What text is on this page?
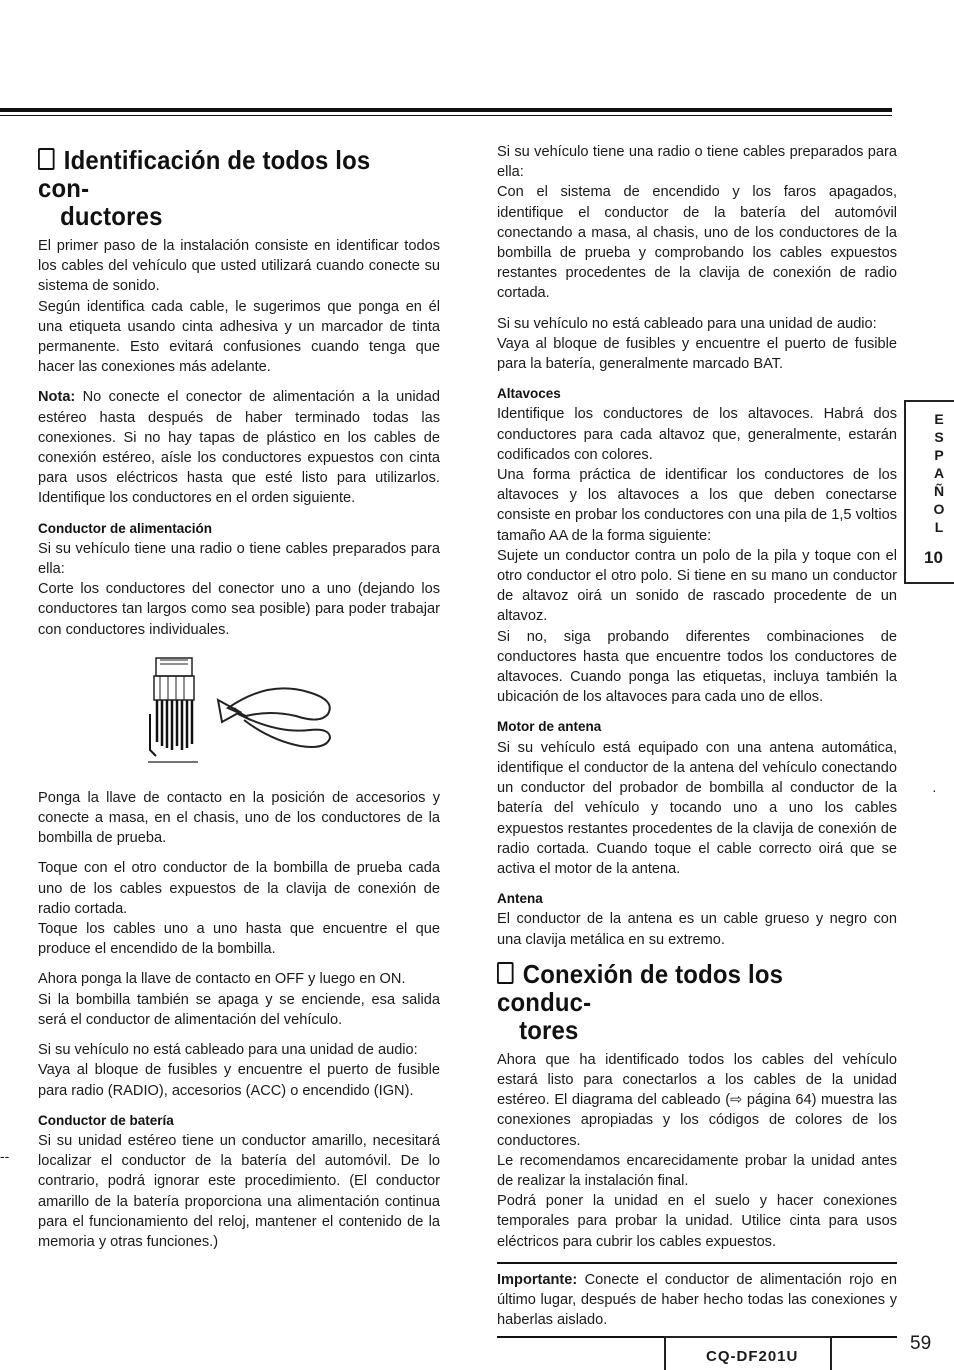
Identificación de todos los con-
ductores

El primer paso de la instalación consiste en identificar todos los cables del vehículo que usted utilizará cuando conecte su sistema de sonido.

Según identifica cada cable, le sugerimos que ponga en él una etiqueta usando cinta adhesiva y un marcador de tinta permanente. Esto evitará confusiones cuando tenga que hacer las conexiones más adelante.

Nota: No conecte el conector de alimentación a la unidad estéreo hasta después de haber terminado todas las conexiones. Si no hay tapas de plástico en los cables de conexión estéreo, aísle los conductores expuestos con cinta para usos eléctricos hasta que esté listo para utilizarlos. Identifique los conductores en el orden siguiente.

Conductor de alimentación

Si su vehículo tiene una radio o tiene cables preparados para ella:

Corte los conductores del conector uno a uno (dejando los conductores tan largos como sea posible) para poder trabajar con conductores individuales.

Ponga la llave de contacto en la posición de accesorios y conecte a masa, en el chasis, uno de los conductores de la bombilla de prueba.

Toque con el otro conductor de la bombilla de prueba cada uno de los cables expuestos de la clavija de conexión de radio cortada.

Toque los cables uno a uno hasta que encuentre el que produce el encendido de la bombilla.

Ahora ponga la llave de contacto en OFF y luego en ON.

Si la bombilla también se apaga y se enciende, esa salida será el conductor de alimentación del vehículo.

Si su vehículo no está cableado para una unidad de audio:

Vaya al bloque de fusibles y encuentre el puerto de fusible para radio (RADIO), accesorios (ACC) o encendido (IGN).

Conductor de batería

Si su unidad estéreo tiene un conductor amarillo, necesitará localizar el conductor de la batería del automóvil. De lo contrario, podrá ignorar este procedimiento. (El conductor amarillo de la batería proporciona una alimentación continua para el funcionamiento del reloj, mantener el contenido de la memoria y otras funciones.)

Si su vehículo tiene una radio o tiene cables preparados para ella:

Con el sistema de encendido y los faros apagados, identifique el conductor de la batería del automóvil conectando a masa, al chasis, uno de los conductores de la bombilla de prueba y comprobando los cables expuestos restantes procedentes de la clavija de conexión de radio cortada.

Si su vehículo no está cableado para una unidad de audio:

Vaya al bloque de fusibles y encuentre el puerto de fusible para la batería, generalmente marcado BAT.

Altavoces

Identifique los conductores de los altavoces. Habrá dos conductores para cada altavoz que, generalmente, estarán codificados con colores.

Una forma práctica de identificar los conductores de los altavoces y los altavoces a los que deben conectarse consiste en probar los conductores con una pila de 1,5 voltios tamaño AA de la forma siguiente:

Sujete un conductor contra un polo de la pila y toque con el otro conductor el otro polo. Si tiene en su mano un conductor de altavoz oirá un sonido de rascado procedente de un altavoz.

Si no, siga probando diferentes combinaciones de conductores hasta que encuentre todos los conductores de altavoces. Cuando ponga las etiquetas, incluya también la ubicación de los altavoces para cada uno de ellos.

Motor de antena

Si su vehículo está equipado con una antena automática, identifique el conductor de la antena del vehículo conectando un conductor del probador de bombilla al conductor de la batería del vehículo y tocando uno a uno los cables expuestos restantes procedentes de la clavija de conexión de radio cortada. Cuando toque el cable correcto oirá que se activa el motor de la antena.

Antena

El conductor de la antena es un cable grueso y negro con una clavija metálica en su extremo.

Conexión de todos los conduc-
tores

Ahora que ha identificado todos los cables del vehículo estará listo para conectarlos a los cables de la unidad estéreo. El diagrama del cableado (⇨ página 64) muestra las conexiones apropiadas y los códigos de colores de los conductores.

Le recomendamos encarecidamente probar la unidad antes de realizar la instalación final.

Podrá poner la unidad en el suelo y hacer conexiones temporales para probar la unidad. Utilice cinta para usos eléctricos para cubrir los cables expuestos.

Importante: Conecte el conductor de alimentación rojo en último lugar, después de haber hecho todas las conexiones y haberlas aislado.

E
S
P
A
Ñ
O
L
10
-‑
·
CQ-DF201U
59
